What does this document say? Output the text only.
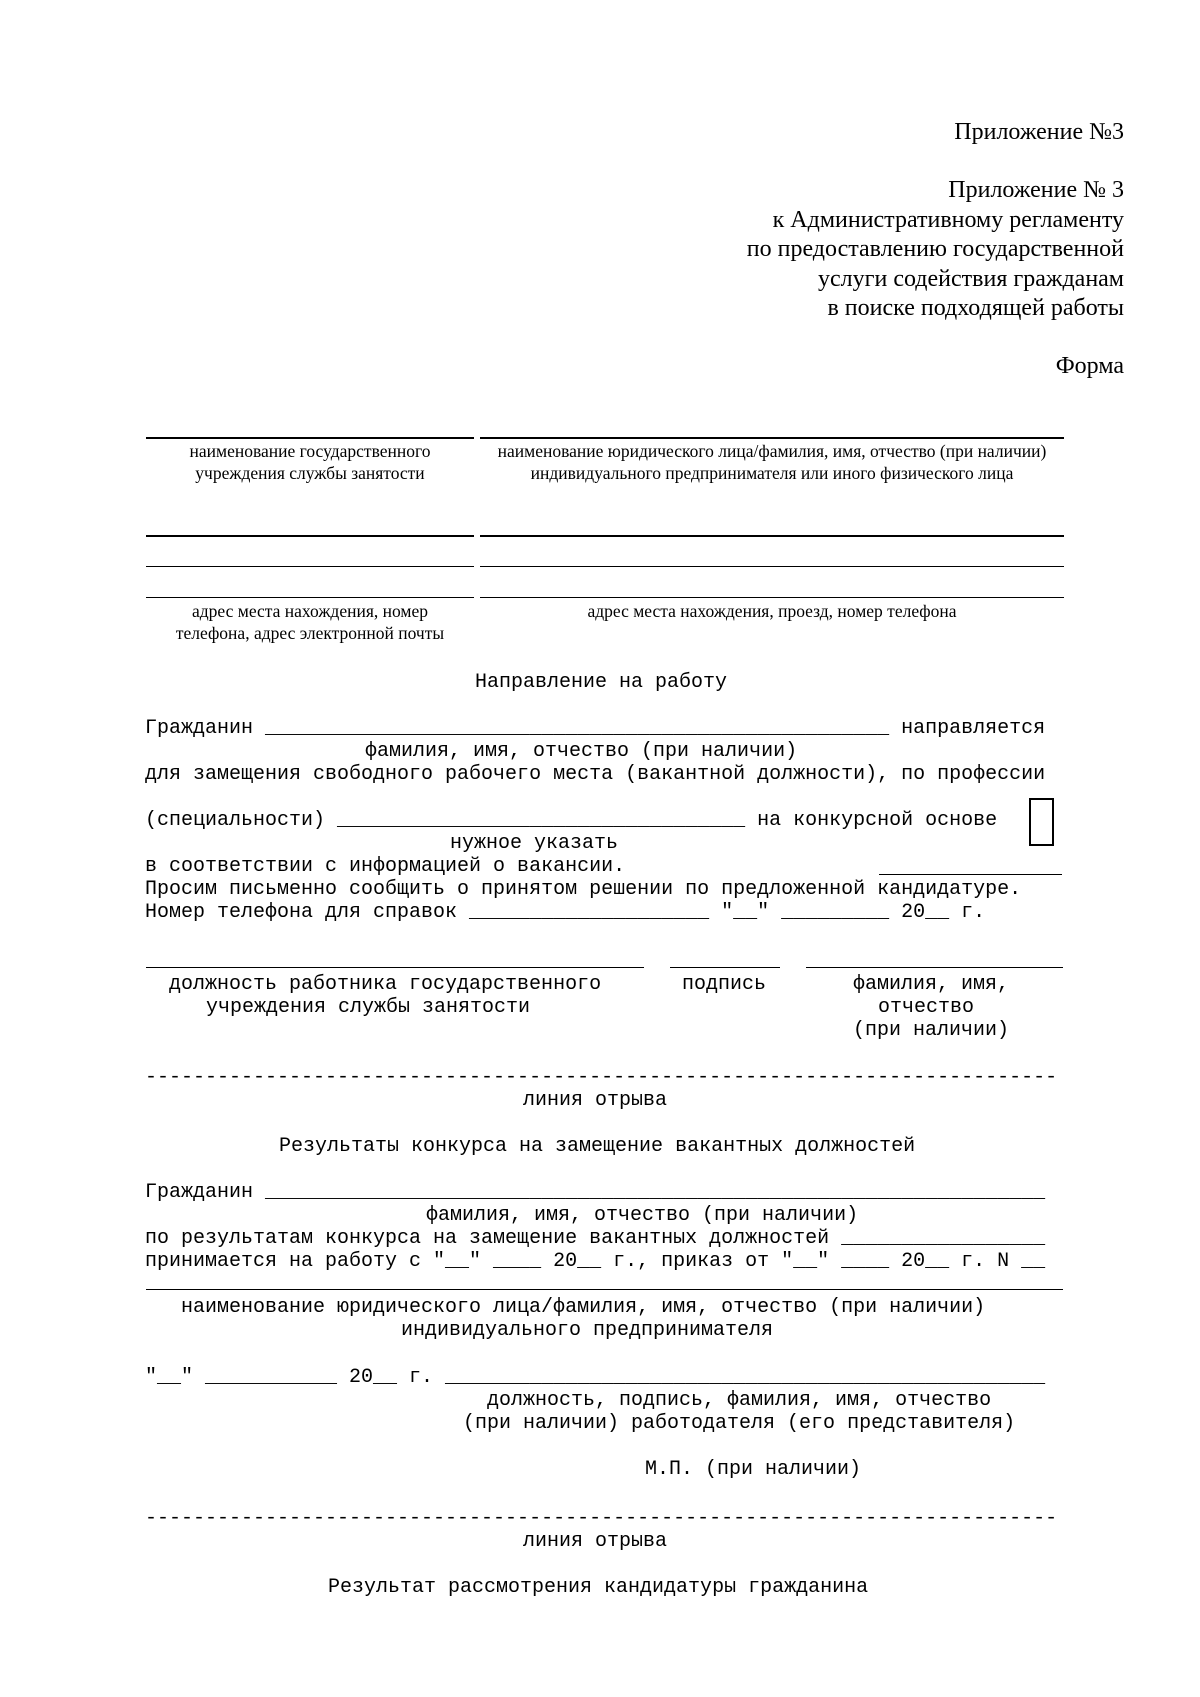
Приложение №3
Приложение № 3
к Административному регламенту
по предоставлению государственной
услуги содействия гражданам
в поиске подходящей работы
Форма
наименование государственного учреждения службы занятости
наименование юридического лица/фамилия, имя, отчество (при наличии) индивидуального предпринимателя или иного физического лица
адрес места нахождения, номер телефона, адрес электронной почты
адрес места нахождения, проезд, номер телефона
Направление на работу
Гражданин ____________________________________________________ направляется
фамилия, имя, отчество (при наличии)
для замещения свободного рабочего места (вакантной должности), по профессии
(специальности) __________________________________ на конкурсной основе
нужное указать
в соответствии с информацией о вакансии.
Просим письменно сообщить о принятом решении по предложенной кандидатуре.
Номер телефона для справок ____________________ "__" _________ 20__ г.
должность работника государственного
учреждения службы занятости
подпись	фамилия, имя,
отчество
(при наличии)
----------------------------------------------------------------------------
линия отрыва
Результаты конкурса на замещение вакантных должностей
Гражданин _________________________________________________________________
фамилия, имя, отчество (при наличии)
по результатам конкурса на замещение вакантных должностей _________________
принимается на работу с "__" ____ 20__ г., приказ от "__" ____ 20__ г. N __
наименование юридического лица/фамилия, имя, отчество (при наличии)
индивидуального предпринимателя
"__" ___________ 20__ г. __________________________________________________
должность, подпись, фамилия, имя, отчество
(при наличии) работодателя (его представителя)
М.П. (при наличии)
----------------------------------------------------------------------------
линия отрыва
Результат рассмотрения кандидатуры гражданина
